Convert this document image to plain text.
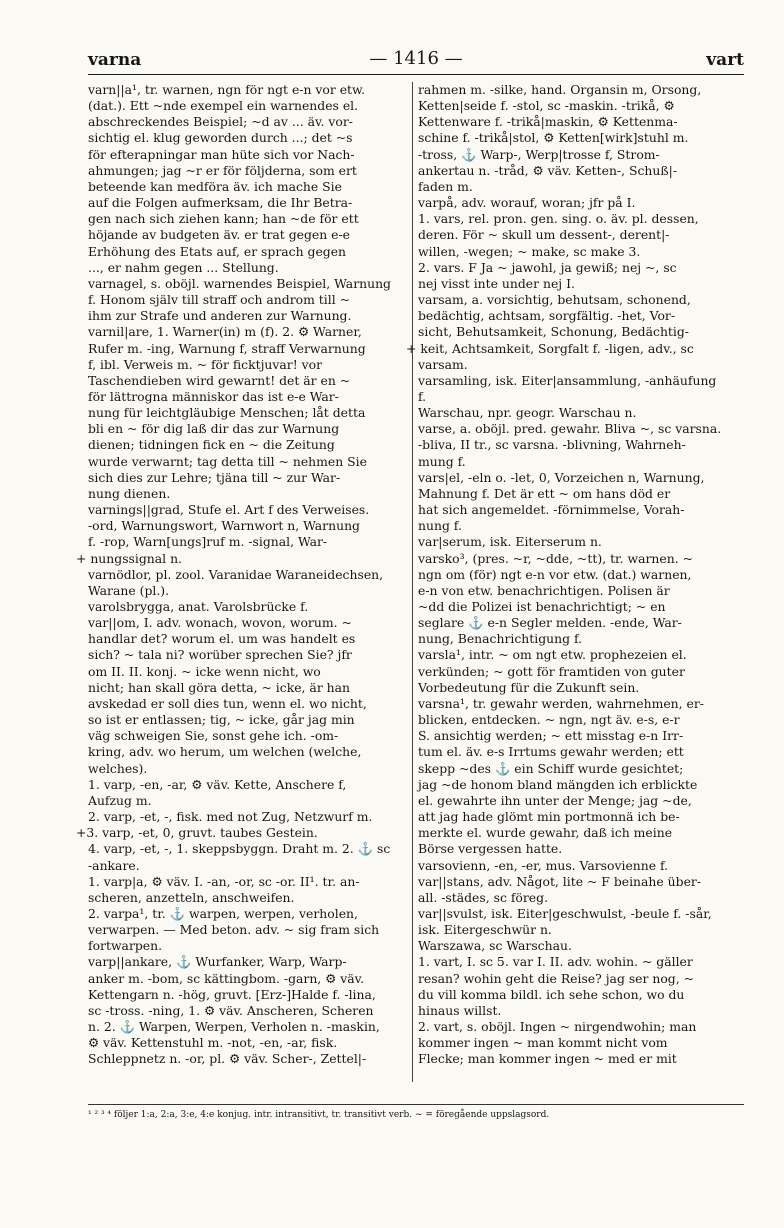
varna	— 1416 —	vart
varn||a¹, tr. warnen, ngn för ngt e-n vor etw.
(dat.). Ett ~nde exempel ein warnendes el.
abschreckendes Beispiel; ~d av ... äv. vor-
sichtig el. klug geworden durch ...; det ~s
för efterapningar man hüte sich vor Nach-
ahmungen; jag ~r er för följderna, som ert
beteende kan medföra äv. ich mache Sie
auf die Folgen aufmerksam, die Ihr Betra-
gen nach sich ziehen kann; han ~de för ett
höjande av budgeten äv. er trat gegen e-e
Erhöhung des Etats auf, er sprach gegen
..., er nahm gegen ... Stellung.
varnagel, s. oböjl. warnendes Beispiel, Warnung
f. Honom själv till straff och androm till ~
ihm zur Strafe und anderen zur Warnung.
varnil|are, 1. Warner(in) m (f). 2. ⚙ Warner,
Rufer m. -ing, Warnung f, straff Verwarnung
f, ibl. Verweis m. ~ för ficktjuvar! vor
Taschendieben wird gewarnt! det är en ~
för lättrogna människor das ist e-e War-
nung für leichtgläubige Menschen; låt detta
bli en ~ för dig laß dir das zur Warnung
dienen; tidningen fick en ~ die Zeitung
wurde verwarnt; tag detta till ~ nehmen Sie
sich dies zur Lehre; tjäna till ~ zur War-
nung dienen.
varnings||grad, Stufe el. Art f des Verweises.
-ord, Warnungswort, Warnwort n, Warnung
f. -rop, Warn[ungs]ruf m. -signal, War-
+ nungssignal n.
varnödlor, pl. zool. Varanidae Waraneidechsen,
Warane (pl.).
varolsbrygga, anat. Varolsbrücke f.
var||om, I. adv. wonach, wovon, worum. ~
handlar det? worum el. um was handelt es
sich? ~ tala ni? worüber sprechen Sie? jfr
om II. II. konj. ~ icke wenn nicht, wo
nicht; han skall göra detta, ~ icke, är han
avskedad er soll dies tun, wenn el. wo nicht,
so ist er entlassen; tig, ~ icke, går jag min
väg schweigen Sie, sonst gehe ich. -om-
kring, adv. wo herum, um welchen (welche,
welches).
1. varp, -en, -ar, ⚙ väv. Kette, Anschere f,
Aufzug m.
2. varp, -et, -, fisk. med not Zug, Netzwurf m.
+3. varp, -et, 0, gruvt. taubes Gestein.
4. varp, -et, -, 1. skeppsbyggn. Draht m. 2. ⚓ sc
-ankare.
1. varp|a, ⚙ väv. I. -an, -or, sc -or. II¹. tr. an-
scheren, anzetteln, anschweifen.
2. varpa¹, tr. ⚓ warpen, werpen, verholen,
verwarpen. — Med beton. adv. ~ sig fram sich
fortwarpen.
varp||ankare, ⚓ Wurfanker, Warp, Warp-
anker m. -bom, sc kättingbom. -garn, ⚙ väv.
Kettengarn n. -hög, gruvt. [Erz-]Halde f. -lina,
sc -tross. -ning, 1. ⚙ väv. Anscheren, Scheren
n. 2. ⚓ Warpen, Werpen, Verholen n. -maskin,
⚙ väv. Kettenstuhl m. -not, -en, -ar, fisk.
Schleppnetz n. -or, pl. ⚙ väv. Scher-, Zettel|-
rahmen m. -silke, hand. Organsin m, Orsong,
Ketten|seide f. -stol, sc -maskin. -trikå, ⚙
Kettenware f. -trikå|maskin, ⚙ Kettenma-
schine f. -trikå|stol, ⚙ Ketten[wirk]stuhl m.
-tross, ⚓ Warp-, Werp|trosse f, Strom-
ankertau n. -tråd, ⚙ väv. Ketten-, Schuß|-
faden m.
varpå, adv. worauf, woran; jfr på I.
1. vars, rel. pron. gen. sing. o. äv. pl. dessen,
deren. För ~ skull um dessent-, derent|-
willen, -wegen; ~ make, sc make 3.
2. vars. F Ja ~ jawohl, ja gewiß; nej ~, sc
nej visst inte under nej I.
varsam, a. vorsichtig, behutsam, schonend,
bedächtig, achtsam, sorgfältig. -het, Vor-
sicht, Behutsamkeit, Schonung, Bedächtig-
+ keit, Achtsamkeit, Sorgfalt f. -ligen, adv., sc
varsam.
varsamling, isk. Eiter|ansammlung, -anhäufung
f.
Warschau, npr. geogr. Warschau n.
varse, a. oböjl. pred. gewahr. Bliva ~, sc varsna.
-bliva, ⅠⅠ tr., sc varsna. -blivning, Wahrneh-
mung f.
vars|el, -eln o. -let, 0, Vorzeichen n, Warnung,
Mahnung f. Det är ett ~ om hans död er
hat sich angemeldet. -förnimmelse, Vorah-
nung f.
var|serum, isk. Eiterserum n.
varsko³, (pres. ~r, ~dde, ~tt), tr. warnen. ~
ngn om (för) ngt e-n vor etw. (dat.) warnen,
e-n von etw. benachrichtigen. Polisen är
~dd die Polizei ist benachrichtigt; ~ en
seglare ⚓ e-n Segler melden. -ende, War-
nung, Benachrichtigung f.
varsla¹, intr. ~ om ngt etw. prophezeien el.
verkünden; ~ gott för framtiden von guter
Vorbedeutung für die Zukunft sein.
varsna¹, tr. gewahr werden, wahrnehmen, er-
blicken, entdecken. ~ ngn, ngt äv. e-s, e-r
S. ansichtig werden; ~ ett misstag e-n Irr-
tum el. äv. e-s Irrtums gewahr werden; ett
skepp ~des ⚓ ein Schiff wurde gesichtet;
jag ~de honom bland mängden ich erblickte
el. gewahrte ihn unter der Menge; jag ~de,
att jag hade glömt min portmonnä ich be-
merkte el. wurde gewahr, daß ich meine
Börse vergessen hatte.
varsovienn, -en, -er, mus. Varsovienne f.
var||stans, adv. Något, lite ~ F beinahe über-
all. -städes, sc föreg.
var||svulst, isk. Eiter|geschwulst, -beule f. -sår,
isk. Eitergeschwür n.
Warszawa, sc Warschau.
1. vart, I. sc 5. var I. II. adv. wohin. ~ gäller
resan? wohin geht die Reise? jag ser nog, ~
du vill komma bildl. ich sehe schon, wo du
hinaus willst.
2. vart, s. oböjl. Ingen ~ nirgendwohin; man
kommer ingen ~ man kommt nicht vom
Flecke; man kommer ingen ~ med er mit
¹ ² ³ ⁴ följer 1:a, 2:a, 3:e, 4:e konjug. intr. intransitivt, tr. transitivt verb. ~ = föregående uppslagsord.
